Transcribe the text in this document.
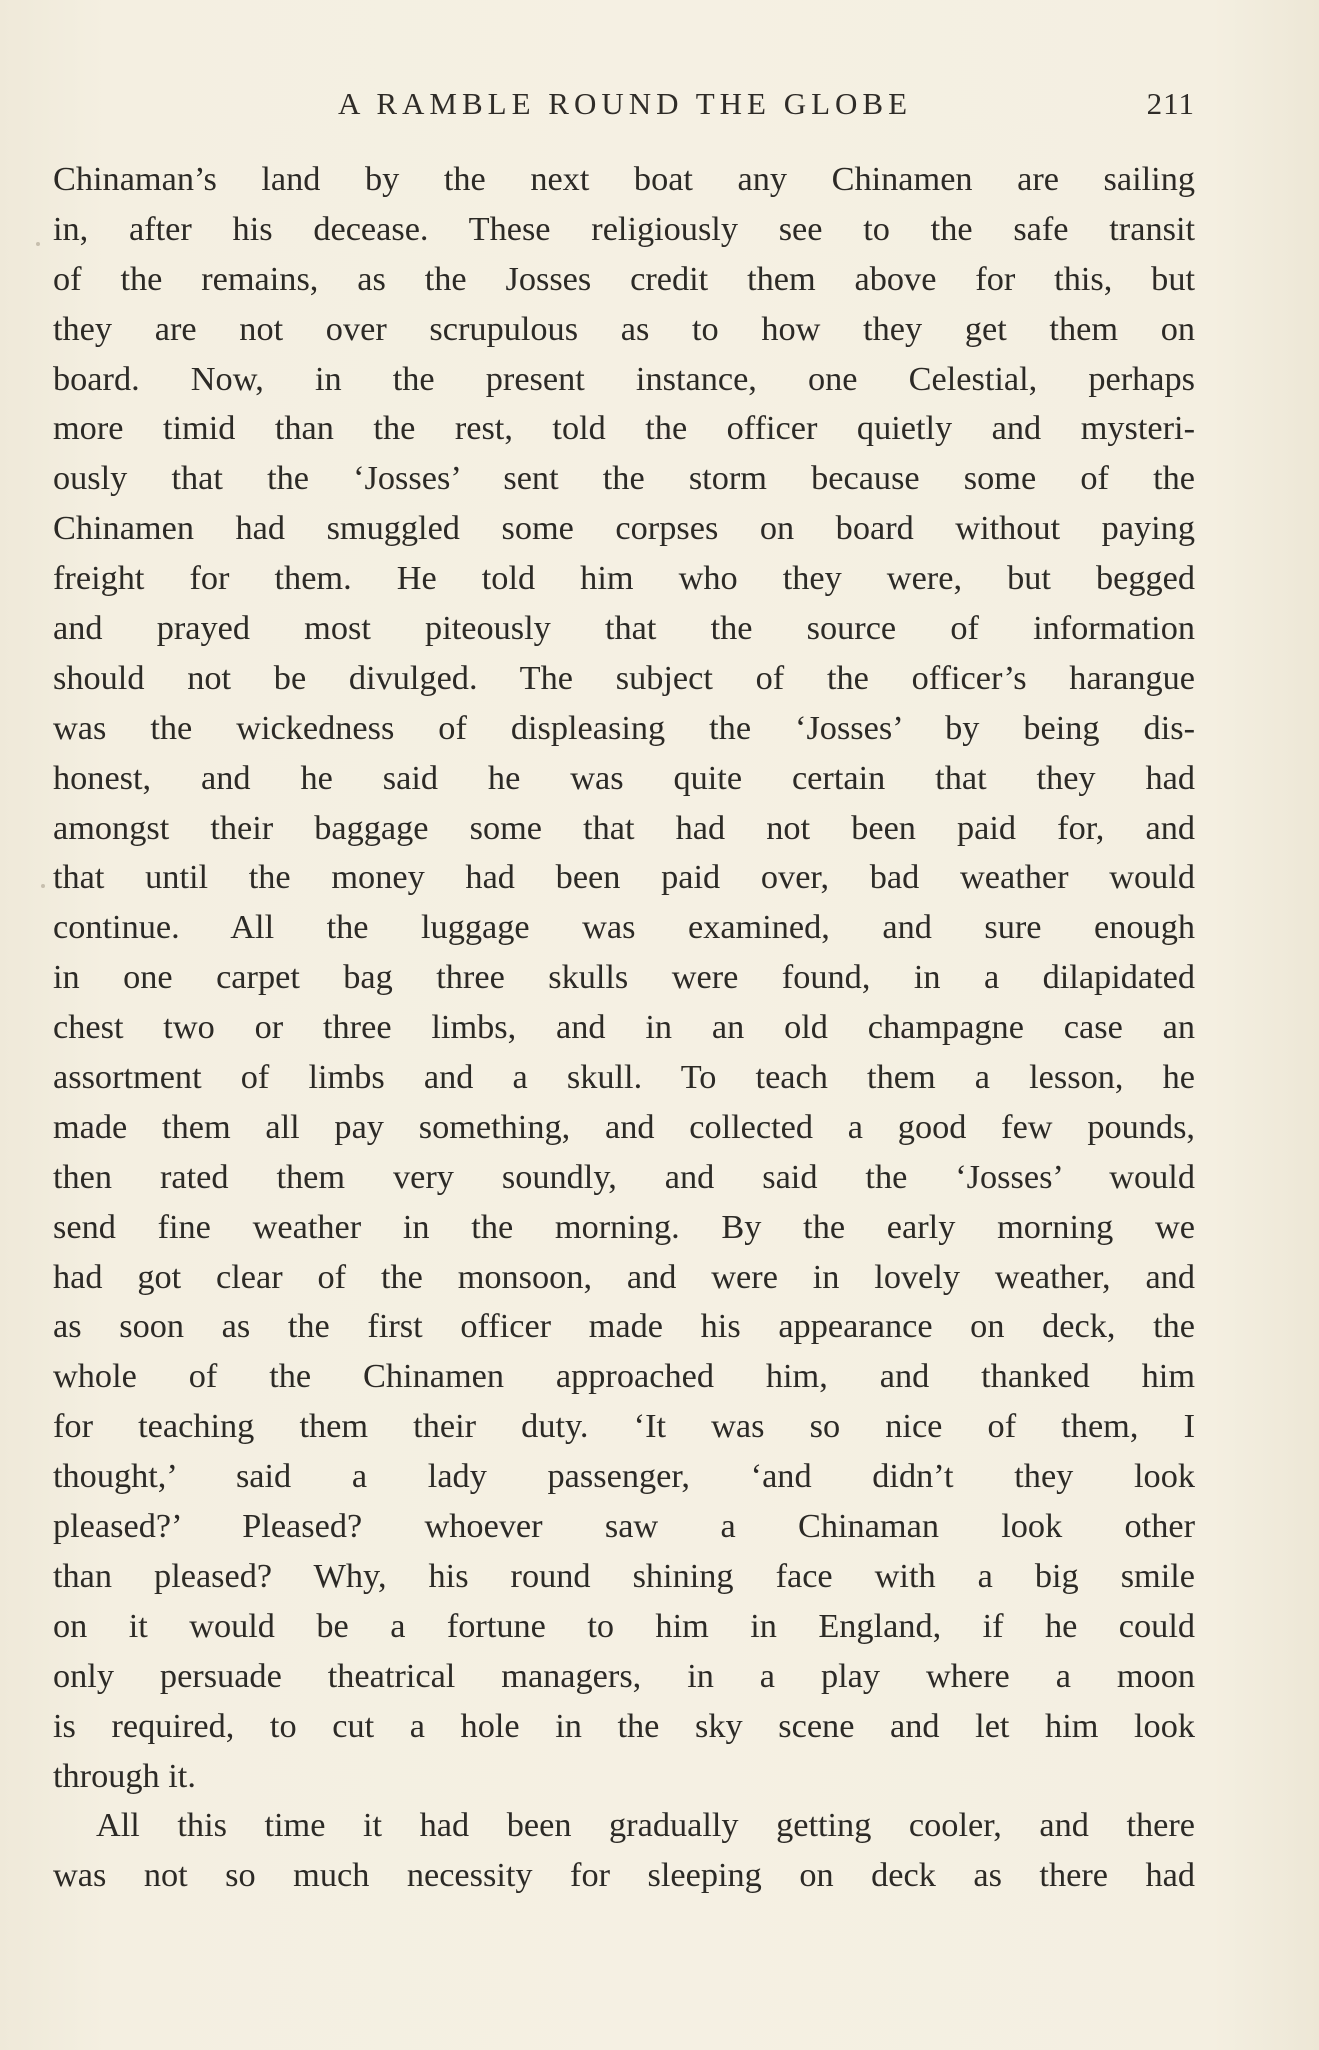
A RAMBLE ROUND THE GLOBE	211

Chinaman’s land by the next boat any Chinamen are sailing
in, after his decease. These religiously see to the safe transit
of the remains, as the Josses credit them above for this, but
they are not over scrupulous as to how they get them on
board. Now, in the present instance, one Celestial, perhaps
more timid than the rest, told the officer quietly and mysteri-
ously that the ‘Josses’ sent the storm because some of the
Chinamen had smuggled some corpses on board without paying
freight for them. He told him who they were, but begged
and prayed most piteously that the source of information
should not be divulged. The subject of the officer’s harangue
was the wickedness of displeasing the ‘Josses’ by being dis-
honest, and he said he was quite certain that they had
amongst their baggage some that had not been paid for, and
that until the money had been paid over, bad weather would
continue. All the luggage was examined, and sure enough
in one carpet bag three skulls were found, in a dilapidated
chest two or three limbs, and in an old champagne case an
assortment of limbs and a skull. To teach them a lesson, he
made them all pay something, and collected a good few pounds,
then rated them very soundly, and said the ‘Josses’ would
send fine weather in the morning. By the early morning we
had got clear of the monsoon, and were in lovely weather, and
as soon as the first officer made his appearance on deck, the
whole of the Chinamen approached him, and thanked him
for teaching them their duty. ‘It was so nice of them, I
thought,’ said a lady passenger, ‘and didn’t they look
pleased?’ Pleased? whoever saw a Chinaman look other
than pleased? Why, his round shining face with a big smile
on it would be a fortune to him in England, if he could
only persuade theatrical managers, in a play where a moon
is required, to cut a hole in the sky scene and let him look
through it.

All this time it had been gradually getting cooler, and there
was not so much necessity for sleeping on deck as there had
